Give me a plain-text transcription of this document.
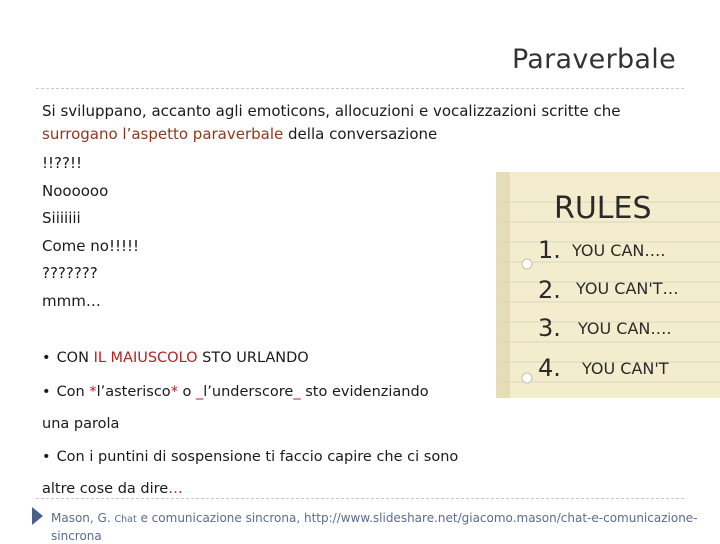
Paraverbale
Si sviluppano, accanto agli emoticons, allocuzioni e vocalizzazioni scritte che
surrogano l’aspetto paraverbale della conversazione
!!??!!
Noooooo
Siiiiiii
Come no!!!!!
???????
mmm…
• CON IL MAIUSCOLO STO URLANDO
• Con *l’asterisco* o _l’underscore_ sto evidenziando
una parola
• Con i puntini di sospensione ti faccio capire che ci sono
altre cose da dire…
RULES
1. YOU CAN….
2. YOU CAN'T…
3. YOU CAN….
4. YOU CAN'T
Mason, G. Chat e comunicazione sincrona, http://www.slideshare.net/giacomo.mason/chat-e-comunicazione-
sincrona
